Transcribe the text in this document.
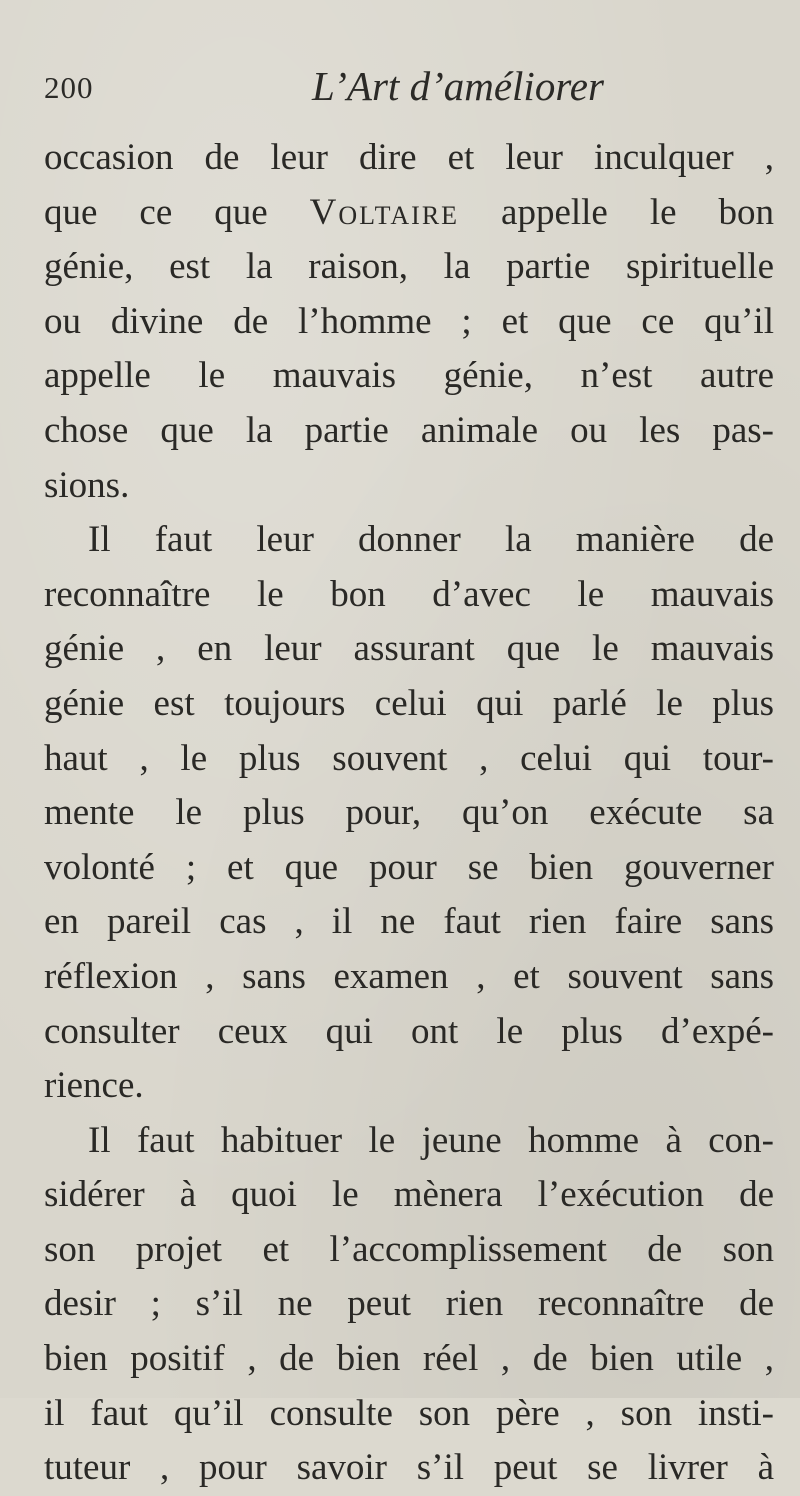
200	L’Art d’améliorer
occasion de leur dire et leur inculquer ,
que ce que Voltaire appelle le bon
génie, est la raison, la partie spirituelle
ou divine de l’homme ; et que ce qu’il
appelle le mauvais génie, n’est autre
chose que la partie animale ou les pas-
sions.
Il faut leur donner la manière de
reconnaître le bon d’avec le mauvais
génie , en leur assurant que le mauvais
génie est toujours celui qui parlé le plus
haut , le plus souvent , celui qui tour-
mente le plus pour, qu’on exécute sa
volonté ; et que pour se bien gouverner
en pareil cas , il ne faut rien faire sans
réflexion , sans examen , et souvent sans
consulter ceux qui ont le plus d’expé-
rience.
Il faut habituer le jeune homme à con-
sidérer à quoi le mènera l’exécution de
son projet et l’accomplissement de son
desir ; s’il ne peut rien reconnaître de
bien positif , de bien réel , de bien utile ,
il faut qu’il consulte son père , son insti-
tuteur , pour savoir s’il peut se livrer à
